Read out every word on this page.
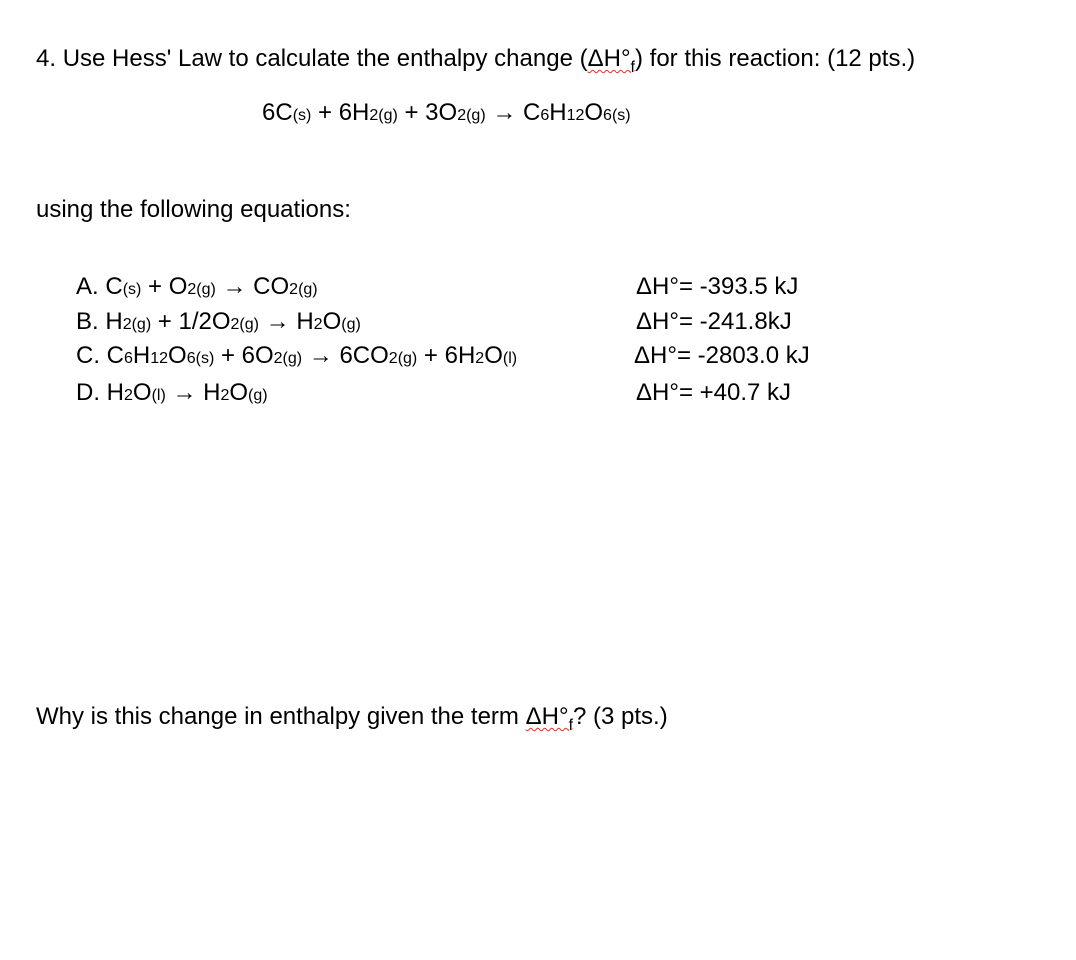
4. Use Hess' Law to calculate the enthalpy change $(\Delta H^\circ_f)$ for this reaction: (12 pts.)
6C(s) + 6H2(g) + 3O2(g) → C6H12O6(s)
using the following equations:
A. C(s) + O2(g) → CO2(g)	ΔH°= -393.5 kJ
B. H2(g) + 1/2O2(g) → H2O(g)	ΔH°= -241.8kJ
C. C6H12O6(s) + 6O2(g) → 6CO2(g) + 6H2O(l)	ΔH°= -2803.0 kJ
D. H2O(l) → H2O(g)	ΔH°= +40.7 kJ
Why is this change in enthalpy given the term $\Delta H^\circ_f$? (3 pts.)
